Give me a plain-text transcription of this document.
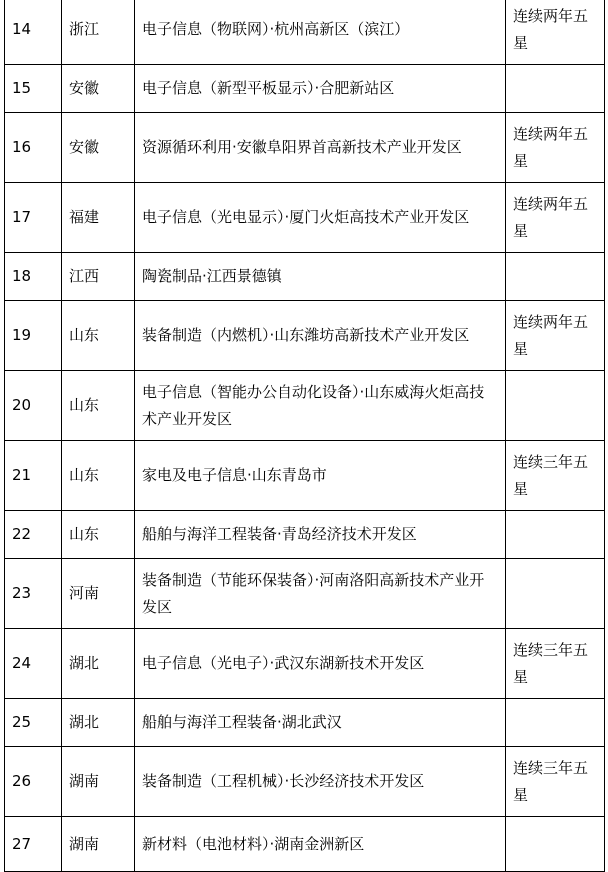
14	浙江	电子信息（物联网）·杭州高新区（滨江）	连续两年五星
15	安徽	电子信息（新型平板显示）·合肥新站区	
16	安徽	资源循环利用·安徽阜阳界首高新技术产业开发区	连续两年五星
17	福建	电子信息（光电显示）·厦门火炬高技术产业开发区	连续两年五星
18	江西	陶瓷制品·江西景德镇	
19	山东	装备制造（内燃机）·山东潍坊高新技术产业开发区	连续两年五星
20	山东	电子信息（智能办公自动化设备）·山东威海火炬高技术产业开发区	
21	山东	家电及电子信息·山东青岛市	连续三年五星
22	山东	船舶与海洋工程装备·青岛经济技术开发区	
23	河南	装备制造（节能环保装备）·河南洛阳高新技术产业开发区	
24	湖北	电子信息（光电子）·武汉东湖新技术开发区	连续三年五星
25	湖北	船舶与海洋工程装备·湖北武汉	
26	湖南	装备制造（工程机械）·长沙经济技术开发区	连续三年五星
27	湖南	新材料（电池材料）·湖南金洲新区	
